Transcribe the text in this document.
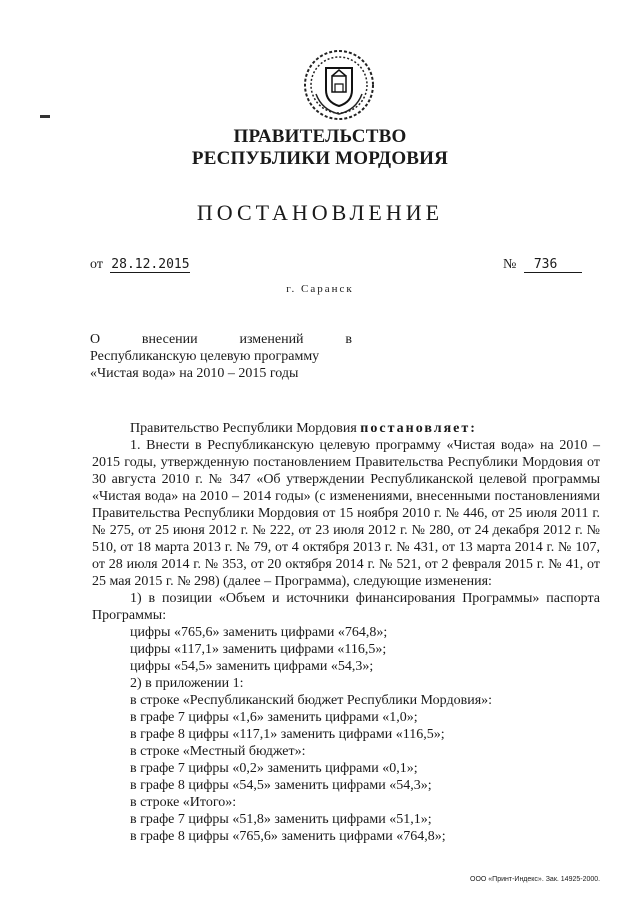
ПРАВИТЕЛЬСТВО
РЕСПУБЛИКИ МОРДОВИЯ
ПОСТАНОВЛЕНИЕ
от 28.12.2015	№ 736
г. Саранск
О	внесении	изменений	в
Республиканскую целевую программу
«Чистая вода» на 2010 – 2015 годы

Правительство Республики Мордовия постановляет:

1. Внести в Республиканскую целевую программу «Чистая вода» на 2010 – 2015 годы, утвержденную постановлением Правительства Республики Мордовия от 30 августа 2010 г. № 347 «Об утверждении Республиканской целевой программы «Чистая вода» на 2010 – 2014 годы» (с изменениями, внесенными постановлениями Правительства Республики Мордовия от 15 ноября 2010 г. № 446, от 25 июля 2011 г. № 275, от 25 июня 2012 г. № 222, от 23 июля 2012 г. № 280, от 24 декабря 2012 г. № 510, от 18 марта 2013 г. № 79, от 4 октября 2013 г. № 431, от 13 марта 2014 г. № 107, от 28 июля 2014 г. № 353, от 20 октября 2014 г. № 521, от 2 февраля 2015 г. № 41, от 25 мая 2015 г. № 298) (далее – Программа), следующие изменения:

1) в позиции «Объем и источники финансирования Программы» паспорта Программы:

цифры «765,6» заменить цифрами «764,8»;

цифры «117,1» заменить цифрами «116,5»;

цифры «54,5» заменить цифрами «54,3»;

2) в приложении 1:

в строке «Республиканский бюджет Республики Мордовия»:

в графе 7 цифры «1,6» заменить цифрами «1,0»;

в графе 8 цифры «117,1» заменить цифрами «116,5»;

в строке «Местный бюджет»:

в графе 7 цифры «0,2» заменить цифрами «0,1»;

в графе 8 цифры «54,5» заменить цифрами «54,3»;

в строке «Итого»:

в графе 7 цифры «51,8» заменить цифрами «51,1»;

в графе 8 цифры «765,6» заменить цифрами «764,8»;

ООО «Принт-Индекс». Зак. 14925-2000.
